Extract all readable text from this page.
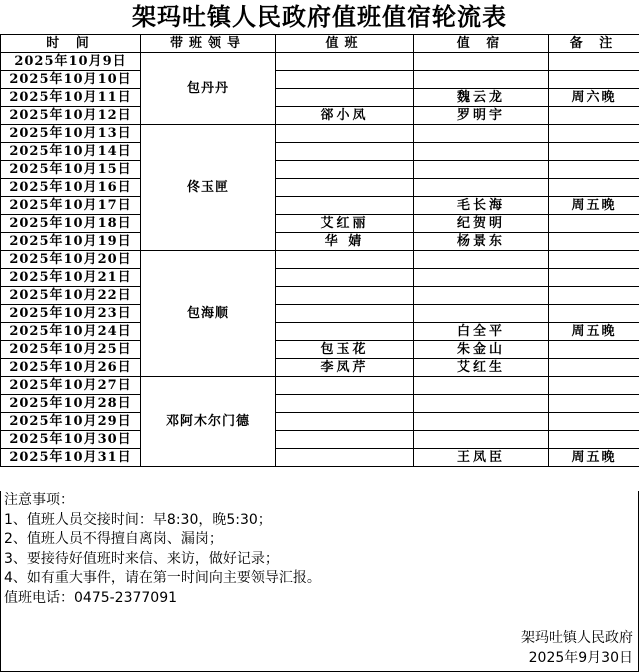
架玛吐镇人民政府值班值宿轮流表
时 间	带班领导	值班	值 宿	备 注
2025年10月9日	包丹丹			
2025年10月10日				
2025年10月11日			魏云龙	周六晚
2025年10月12日		郤小凤	罗明宇	
2025年10月13日	佟玉匣			
2025年10月14日				
2025年10月15日				
2025年10月16日				
2025年10月17日			毛长海	周五晚
2025年10月18日		艾红丽	纪贺明	
2025年10月19日		华 婧	杨景东	
2025年10月20日	包海顺			
2025年10月21日				
2025年10月22日				
2025年10月23日				
2025年10月24日			白全平	周五晚
2025年10月25日		包玉花	朱金山	
2025年10月26日		李凤芹	艾红生	
2025年10月27日	邓阿木尔门德			
2025年10月28日				
2025年10月29日				
2025年10月30日				
2025年10月31日			王凤臣	周五晚
注意事项：
1、值班人员交接时间：早8:30，晚5:30；
2、值班人员不得擅自离岗、漏岗；
3、要接待好值班时来信、来访，做好记录；
4、如有重大事件，请在第一时间向主要领导汇报。
值班电话：0475-2377091
架玛吐镇人民政府
2025年9月30日
